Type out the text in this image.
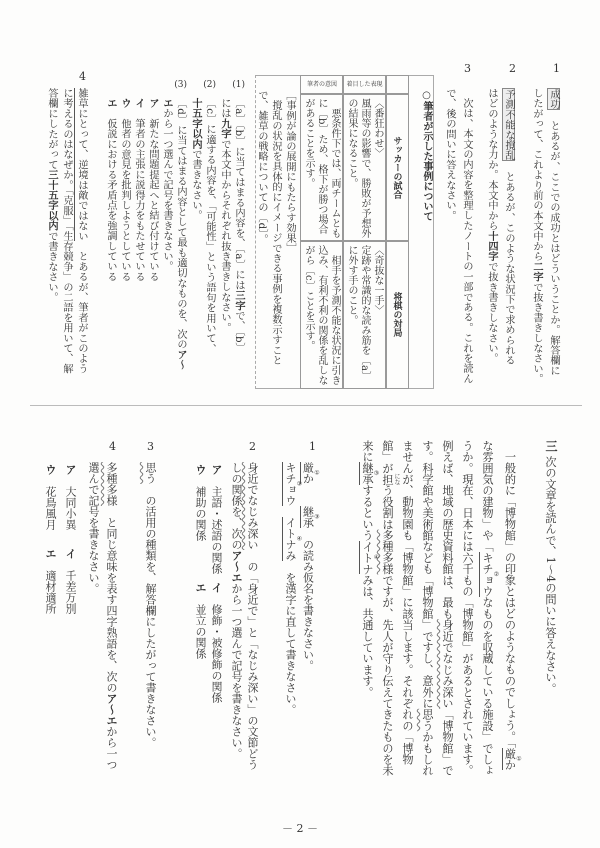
1
成功　とあるが、ここでの成功とはどういうことか。解答欄に
したがって、これより前の本文中から二字で抜き書きしなさい。
2
予測不能な撹乱　とあるが、このような状況下で求められる
はどのような力か。本文中から十四字で抜き書きしなさい。
3
次は、本文の内容を整理したノートの一部である。これを読ん
で、後の問いに答えなさい。
○筆者が示した事例について
着目した表現
筆者の意図
サッカーの試合
〈番狂わせ〉
風雨等の影響で、勝敗が予想外の結果になること。
悪条件下では、両チームともに〔b〕ため、格下が勝つ場合があることを示す。
将棋の対局
〈奇抜な一手〉
定跡や常識的な読み筋を〔a〕に外す手のこと。
相手を予測不能な状況に引き込み、有利不利の関係を乱しながら〔c〕ことを示す。
［事例が論の展開にもたらす効果］
撹乱の状況を具体的にイメージできる事例を複数示すこと
で、雑草の戦略についての〔d〕。
(1)
〔a〕〔b〕に当てはまる内容を、〔a〕には三字で、〔b〕
には九字で本文中からそれぞれ抜き書きしなさい。
(2)
〔c〕に適する内容を、「可能性」という語句を用いて、
十五字以内で書きなさい。
(3)
〔d〕に当てはまる内容として最も適切なものを、次のア～
エから一つ選んで記号を書きなさい。
ア　新たな問題提起へと結び付けている
イ　筆者の主張に説得力をもたせている
ウ　他者の意見を批判しようとしている
エ　仮説における矛盾点を強調している
4
雑草にとって、逆境は敵ではない　とあるが、筆者がこのよう
に考えるのはなぜか。「克服」「生存競争」の二語を用いて、解
答欄にしたがって三十五字以内で書きなさい。
三
次の文章を読んで、1～4の問いに答えなさい。
一般的に「博物館」の印象とはどのようなものでしょう。「厳か ①
な雰囲気の建物」や「キチョウ ②なものを収蔵している施設」でしょ
うか。現在、日本には六千もの「博物館」があるとされています。
例えば、地域の歴史資料館は、最も身近でなじみ深い「博物館」で
す。科学館や美術館なども「博物館」ですし、意外に思うかもしれ
ませんが、動物園も「博物館」に該当します。それぞれの「博物
館」が担 になう役割は多種多様ですが、先人が守り伝えてきたものを未
来に継承 ③するというイトナ ④みは、共通しています。
1
厳か ①　　継承 ③　の読み仮名を書きなさい。
キチョウ ②　イトナみ ④　を漢字に直して書きなさい。
2
身近でなじみ深い　の「身近で」と「なじみ深い」の文節どう
しの関係を、次のア～エから一つ選んで記号を書きなさい。
ア　主語・述語の関係
ウ　補助の関係
イ　修飾・被修飾の関係
エ　並立の関係
3
思う　の活用の種類を、解答欄にしたがって書きなさい。
4
多種多様　と同じ意味を表す四字熟語を、次のア～エから一つ
選んで記号を書きなさい。
ア　大同小異
ウ　花鳥風月
イ　千差万別
エ　適材適所
－ 2 －
